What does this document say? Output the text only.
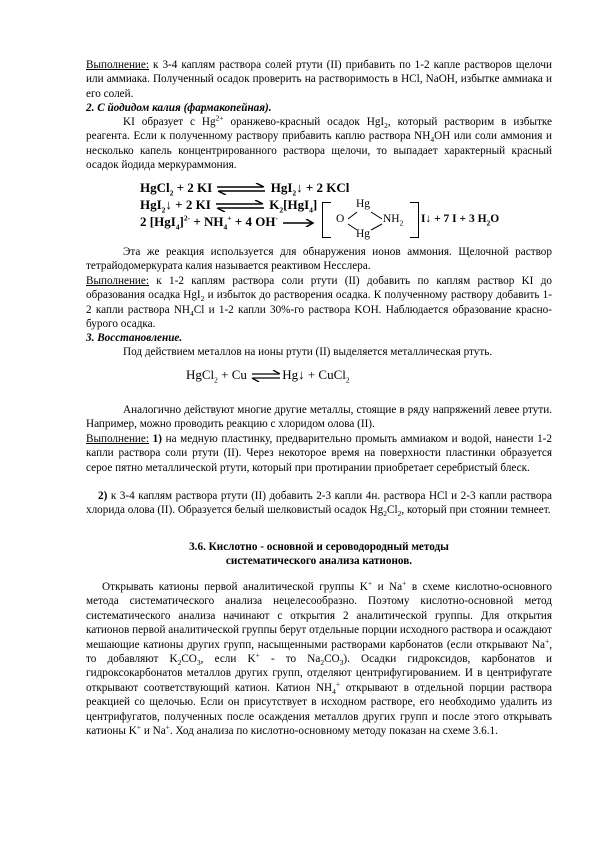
Выполнение: к 3-4 каплям раствора солей ртути (II) прибавить по 1-2 капле растворов щелочи или аммиака. Полученный осадок проверить на растворимость в HCl, NaOH, избытке аммиака и его солей.

2. С йодидом калия (фармакопейная).

KI образует с $Hg^{2+}$ оранжево-красный осадок HgI$_2$, который растворим в избытке реагента. Если к полученному раствору прибавить каплю раствора $NH_4OH$ или соли аммония и несколько капель концентрированного раствора щелочи, то выпадает характерный красный осадок йодида меркураммония.

HgCl$_2$ + 2 KI ⇌ HgI$_2$↓ + 2 KCl
HgI$_2$↓ + 2 KI ⇌ $K_2[HgI_4]$
2 $[HgI_4]^{2-} + NH_4^+ + 4$ OH-
Hg
O	$NH_2$
Hg
I↓ + 7 I + 3 $H_2O$

Эта же реакция используется для обнаружения ионов аммония. Щелочной раствор тетрайодомеркурата калия называется реактивом Несслера.

Выполнение: к 1-2 каплям раствора соли ртути (II) добавить по каплям раствор KI до образования осадка HgI$_2$ и избыток до растворения осадка. К полученному раствору добавить 1-2 капли раствора $NH_4Cl$ и 1-2 капли 30%-го раствора KOH. Наблюдается образование красно-бурого осадка.

3. Восстановление.

Под действием металлов на ионы ртути (II) выделяется металлическая ртуть.

HgCl$_2$ + Cu ⇌Hg↓ + CuCl$_2$

Аналогично действуют многие другие металлы, стоящие в ряду напряжений левее ртути. Например, можно проводить реакцию с хлоридом олова (II).

Выполнение: 1) на медную пластинку, предварительно промыть аммиаком и водой, нанести 1-2 капли раствора соли ртути (II). Через некоторое время на поверхности пластинки образуется серое пятно металлической ртути, который при протирании приобретает серебристый блеск.

2) к 3-4 каплям раствора ртути (II) добавить 2-3 капли 4н. раствора HCl и 2-3 капли раствора хлорида олова (II). Образуется белый шелковистый осадок $Hg_2Cl_2$, который при стоянии темнеет.

3.6. Кислотно - основной и сероводородный методы
систематического анализа катионов.

Открывать катионы первой аналитической группы K+ и Na+ в схеме кислотно-основного метода систематического анализа нецелесообразно. Поэтому кислотно-основной метод систематического анализа начинают с открытия 2 аналитической группы. Для открытия катионов первой аналитической группы берут отдельные порции исходного раствора и осаждают мешающие катионы других групп, насыщенными растворами карбонатов (если открывают Na+, то добавляют $K_2CO_3$, если K+ - то $Na_2CO_3$). Осадки гидроксидов, карбонатов и гидроксокарбонатов металлов других групп, отделяют центрифугированием. И в центрифугате открывают соответствующий катион. Катион $NH_4^+$ открывают в отдельной порции раствора реакцией со щелочью. Если он присутствует в исходном растворе, его необходимо удалить из центрифугатов, полученных после осаждения металлов других групп и после этого открывать катионы K+ и Na+. Ход анализа по кислотно-основному методу показан на схеме 3.6.1.
